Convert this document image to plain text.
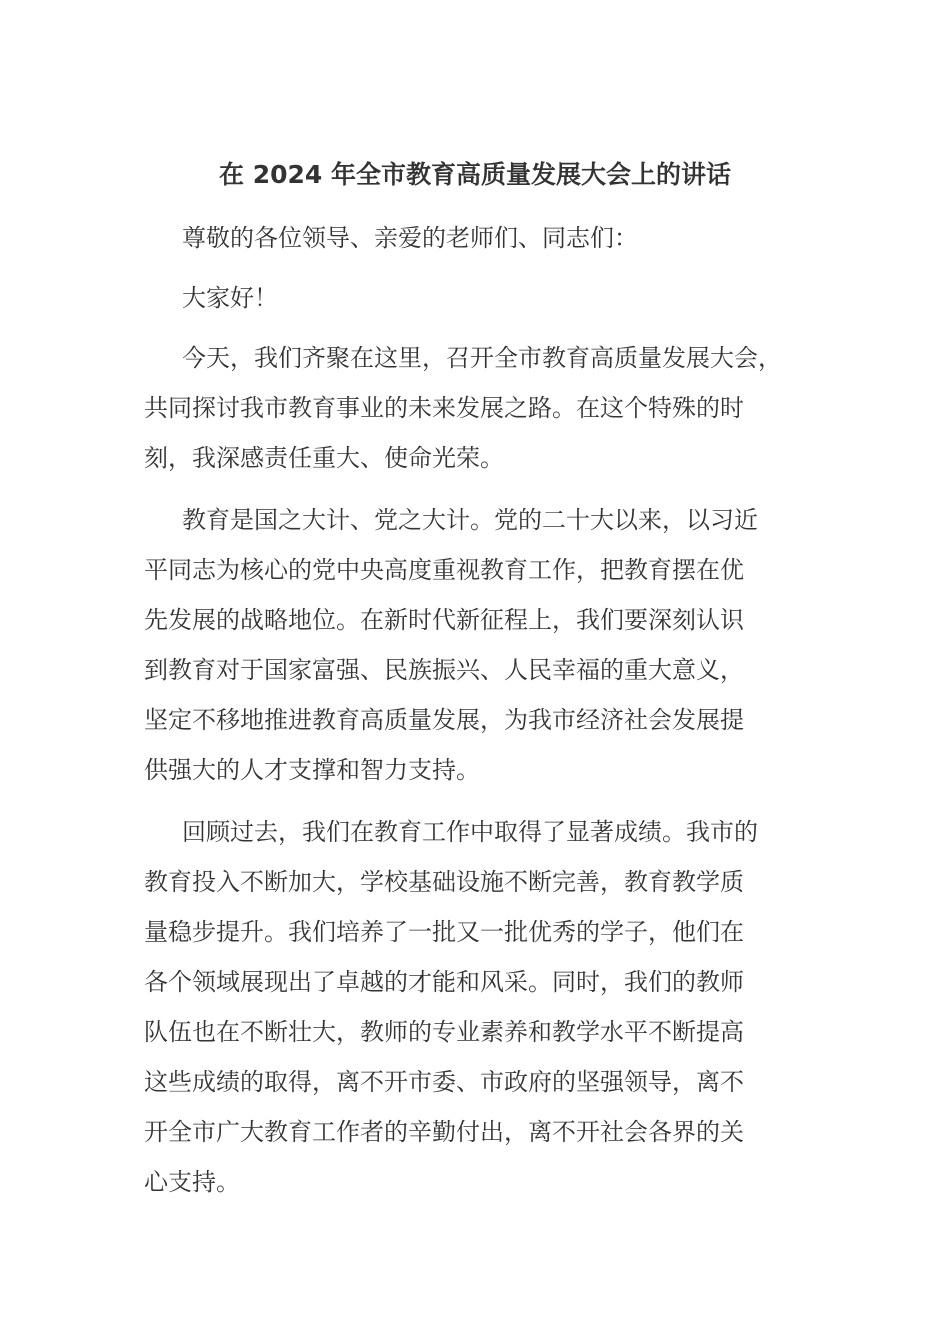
在 2024 年全市教育高质量发展大会上的讲话
尊敬的各位领导、亲爱的老师们、同志们：
大家好！
今天，我们齐聚在这里，召开全市教育高质量发展大会，
共同探讨我市教育事业的未来发展之路。在这个特殊的时
刻，我深感责任重大、使命光荣。
教育是国之大计、党之大计。党的二十大以来，以习近
平同志为核心的党中央高度重视教育工作，把教育摆在优
先发展的战略地位。在新时代新征程上，我们要深刻认识
到教育对于国家富强、民族振兴、人民幸福的重大意义，
坚定不移地推进教育高质量发展，为我市经济社会发展提
供强大的人才支撑和智力支持。
回顾过去，我们在教育工作中取得了显著成绩。我市的
教育投入不断加大，学校基础设施不断完善，教育教学质
量稳步提升。我们培养了一批又一批优秀的学子，他们在
各个领域展现出了卓越的才能和风采。同时，我们的教师
队伍也在不断壮大，教师的专业素养和教学水平不断提高
这些成绩的取得，离不开市委、市政府的坚强领导，离不
开全市广大教育工作者的辛勤付出，离不开社会各界的关
心支持。
